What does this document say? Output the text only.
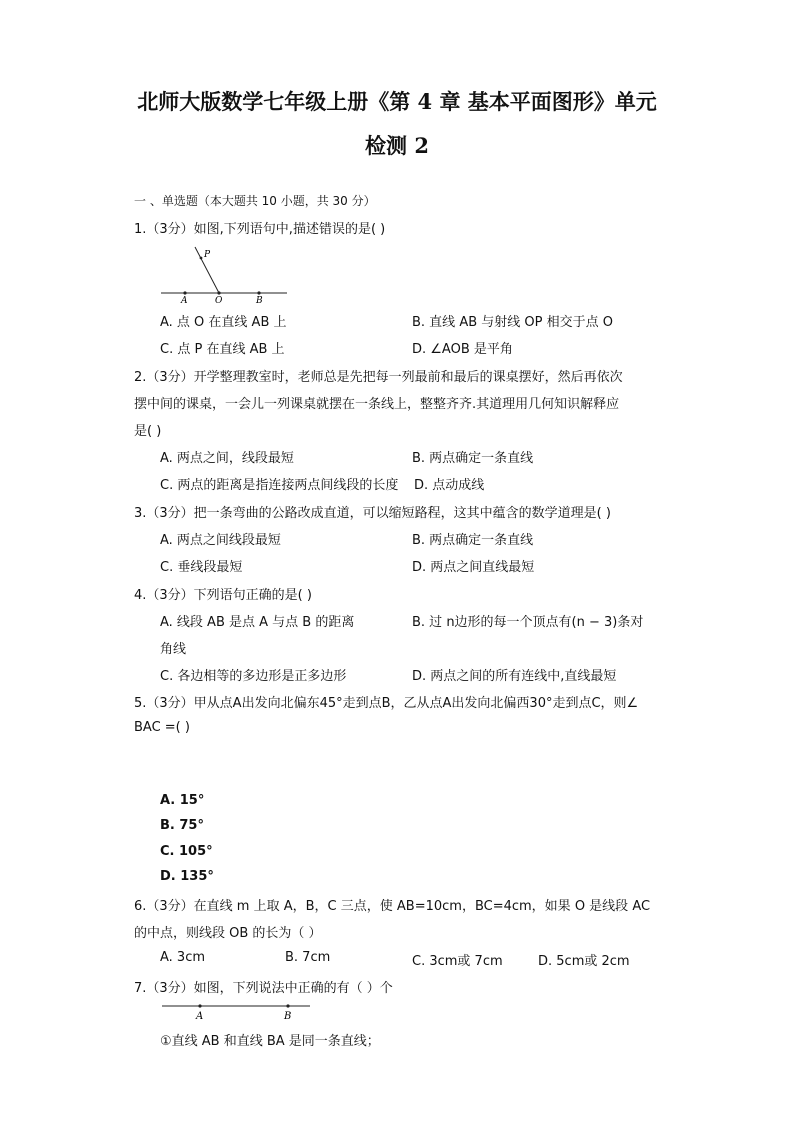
北师大版数学七年级上册《第 4 章 基本平面图形》单元
检测 2
一 、单选题（本大题共 10 小题，共 30 分）
1.（3分）如图,下列语句中,描述错误的是( )
P
A	O	B
A. 点 O 在直线 AB 上	B. 直线 AB 与射线 OP 相交于点 O
C. 点 P 在直线 AB 上	D. ∠AOB 是平角
2.（3分）开学整理教室时，老师总是先把每一列最前和最后的课桌摆好，然后再依次
摆中间的课桌，一会儿一列课桌就摆在一条线上，整整齐齐.其道理用几何知识解释应
是( )
A. 两点之间，线段最短	B. 两点确定一条直线
C. 两点的距离是指连接两点间线段的长度 D. 点动成线
3.（3分）把一条弯曲的公路改成直道，可以缩短路程，这其中蕴含的数学道理是( )
A. 两点之间线段最短	B. 两点确定一条直线
C. 垂线段最短	D. 两点之间直线最短
4.（3分）下列语句正确的是( )
A. 线段 AB 是点 A 与点 B 的距离	B. 过 n边形的每一个顶点有(n − 3)条对
角线
C. 各边相等的多边形是正多边形	D. 两点之间的所有连线中,直线最短
5.（3分）甲从点A出发向北偏东45°走到点B，乙从点A出发向北偏西30°走到点C，则∠
BAC =( )
A. 15°
B. 75°
C. 105°
D. 135°
6.（3分）在直线 m 上取 A，B，C 三点，使 AB=10cm，BC=4cm，如果 O 是线段 AC
的中点，则线段 OB 的长为（ ）
A. 3cm	B. 7cm	C. 3cm或 7cm	D. 5cm或 2cm
7.（3分）如图，下列说法中正确的有（ ）个
A	B
①直线 AB 和直线 BA 是同一条直线；
